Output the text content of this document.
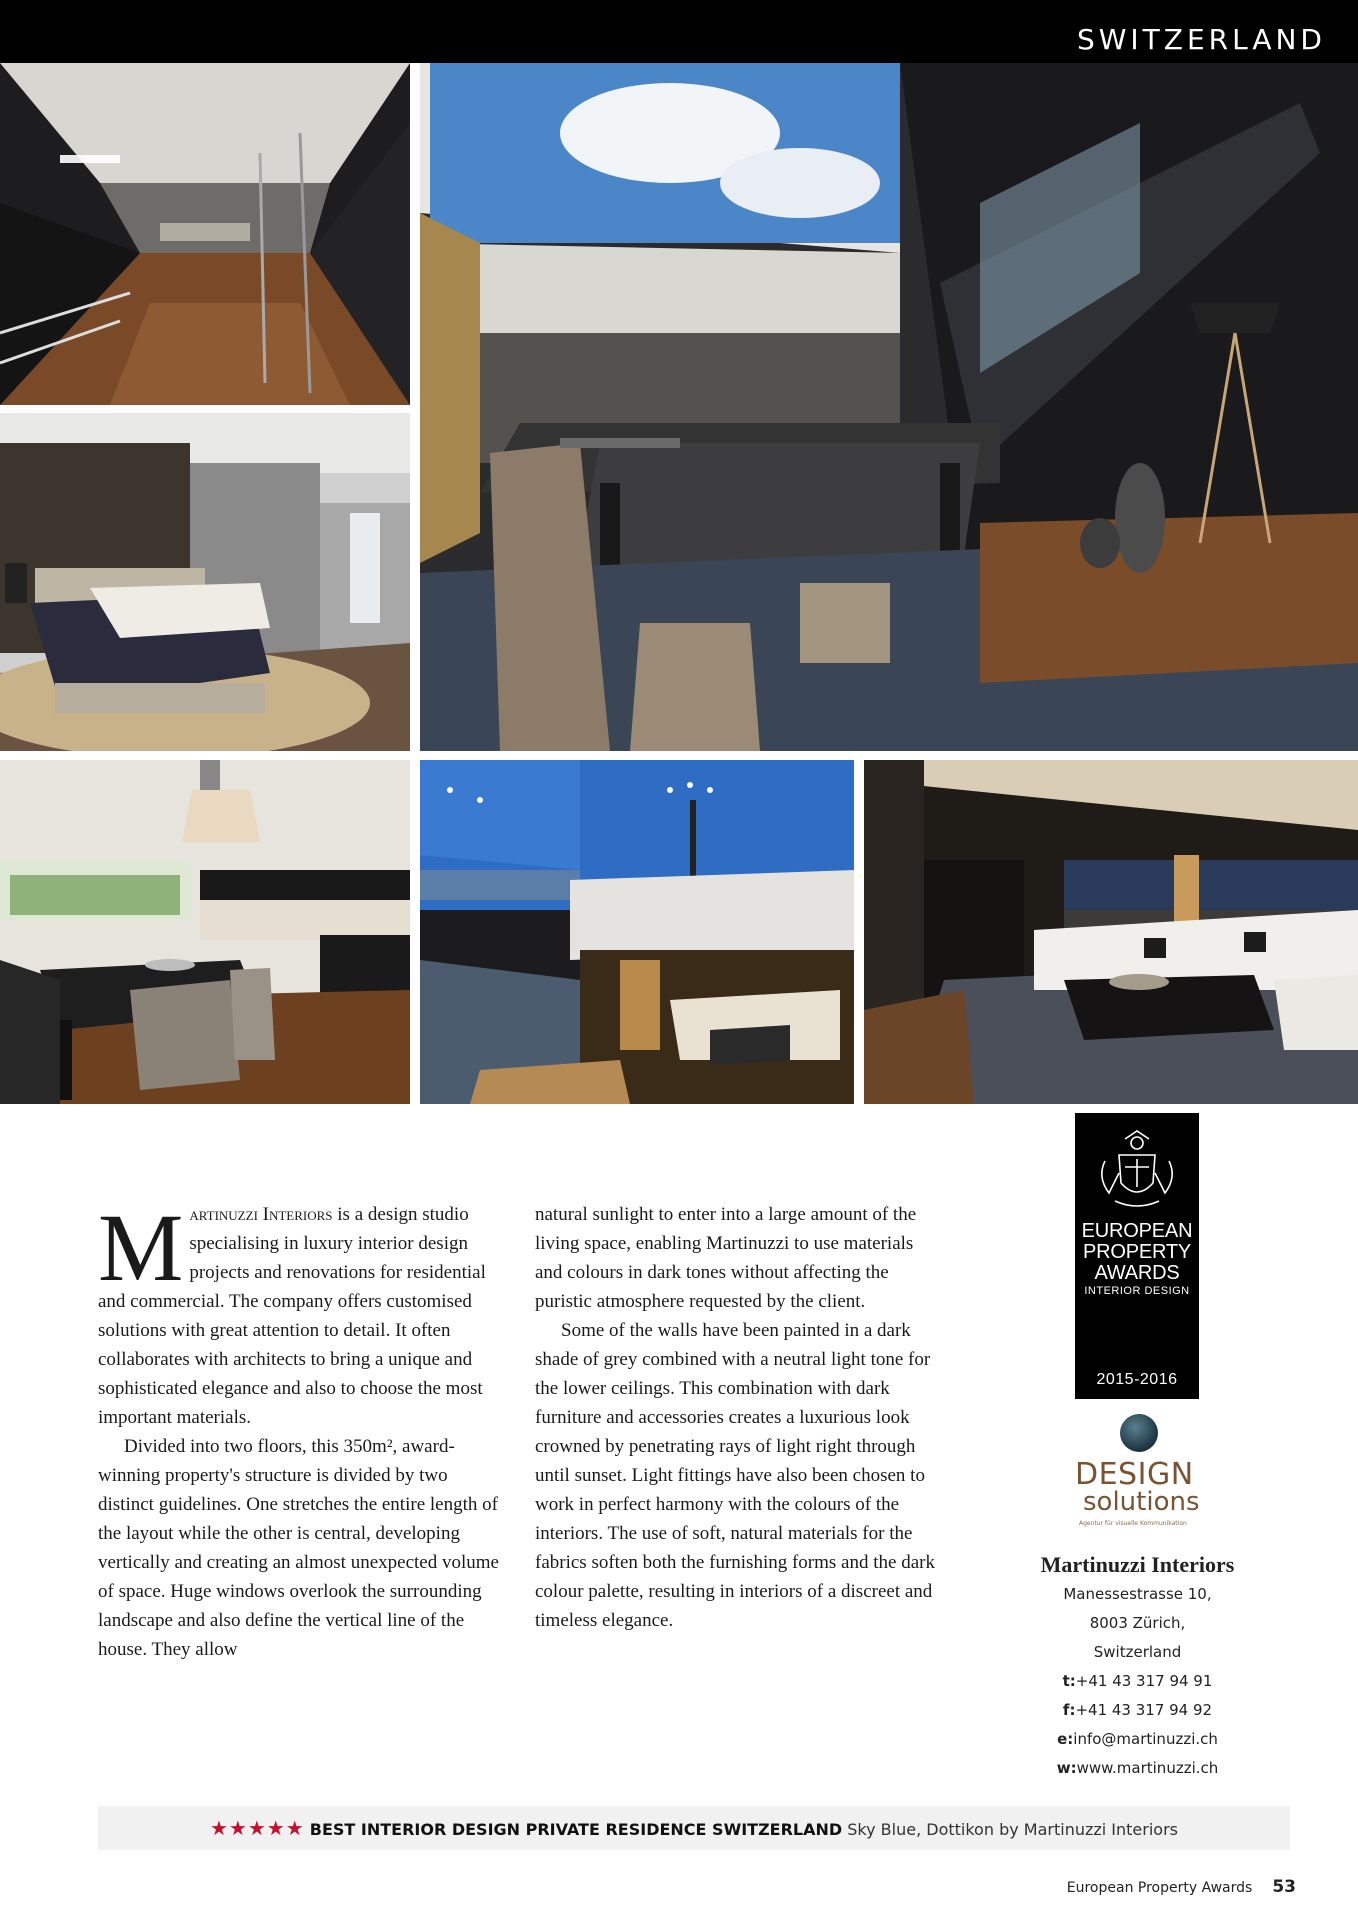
SWITZERLAND

Martinuzzi Interiors is a design studio specialising in luxury interior design projects and renovations for residential and commercial. The company offers customised solutions with great attention to detail. It often collaborates with architects to bring a unique and sophisticated elegance and also to choose the most important materials.

Divided into two floors, this 350m², award-winning property's structure is divided by two distinct guidelines. One stretches the entire length of the layout while the other is central, developing vertically and creating an almost unexpected volume of space. Huge windows overlook the surrounding landscape and also define the vertical line of the house. They allow

natural sunlight to enter into a large amount of the living space, enabling Martinuzzi to use materials and colours in dark tones without affecting the puristic atmosphere requested by the client.

Some of the walls have been painted in a dark shade of grey combined with a neutral light tone for the lower ceilings. This combination with dark furniture and accessories creates a luxurious look crowned by penetrating rays of light right through until sunset. Light fittings have also been chosen to work in perfect harmony with the colours of the interiors. The use of soft, natural materials for the fabrics soften both the furnishing forms and the dark colour palette, resulting in interiors of a discreet and timeless elegance.

EUROPEAN
PROPERTY
AWARDS
INTERIOR DESIGN
2015-2016
DESIGN
solutions
Agentur für visuelle Kommunikation
Martinuzzi Interiors
Manessestrasse 10,
8003 Zürich,
Switzerland
t:+41 43 317 94 91
f:+41 43 317 94 92
e:info@martinuzzi.ch
w:www.martinuzzi.ch
★★★★★ BEST INTERIOR DESIGN PRIVATE RESIDENCE SWITZERLAND Sky Blue, Dottikon by Martinuzzi Interiors
European Property Awards 53
